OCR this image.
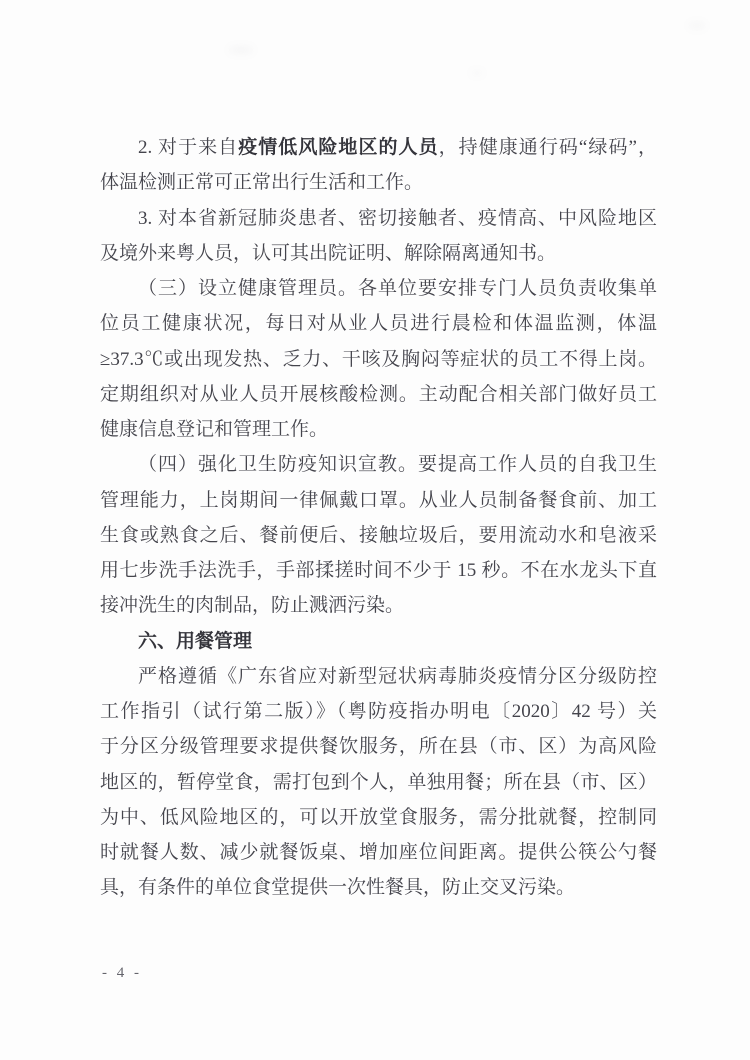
2. 对于来自疫情低风险地区的人员，持健康通行码“绿码”，
体温检测正常可正常出行生活和工作。
3. 对本省新冠肺炎患者、密切接触者、疫情高、中风险地区
及境外来粤人员，认可其出院证明、解除隔离通知书。
（三）设立健康管理员。各单位要安排专门人员负责收集单
位员工健康状况，每日对从业人员进行晨检和体温监测，体温
≥37.3℃或出现发热、乏力、干咳及胸闷等症状的员工不得上岗。
定期组织对从业人员开展核酸检测。主动配合相关部门做好员工
健康信息登记和管理工作。
（四）强化卫生防疫知识宣教。要提高工作人员的自我卫生
管理能力，上岗期间一律佩戴口罩。从业人员制备餐食前、加工
生食或熟食之后、餐前便后、接触垃圾后，要用流动水和皂液采
用七步洗手法洗手，手部揉搓时间不少于 15 秒。不在水龙头下直
接冲洗生的肉制品，防止溅洒污染。
六、用餐管理
严格遵循《广东省应对新型冠状病毒肺炎疫情分区分级防控
工作指引（试行第二版）》（粤防疫指办明电〔2020〕42 号）关
于分区分级管理要求提供餐饮服务，所在县（市、区）为高风险
地区的，暂停堂食，需打包到个人，单独用餐；所在县（市、区）
为中、低风险地区的，可以开放堂食服务，需分批就餐，控制同
时就餐人数、减少就餐饭桌、增加座位间距离。提供公筷公勺餐
具，有条件的单位食堂提供一次性餐具，防止交叉污染。
- 4 -
